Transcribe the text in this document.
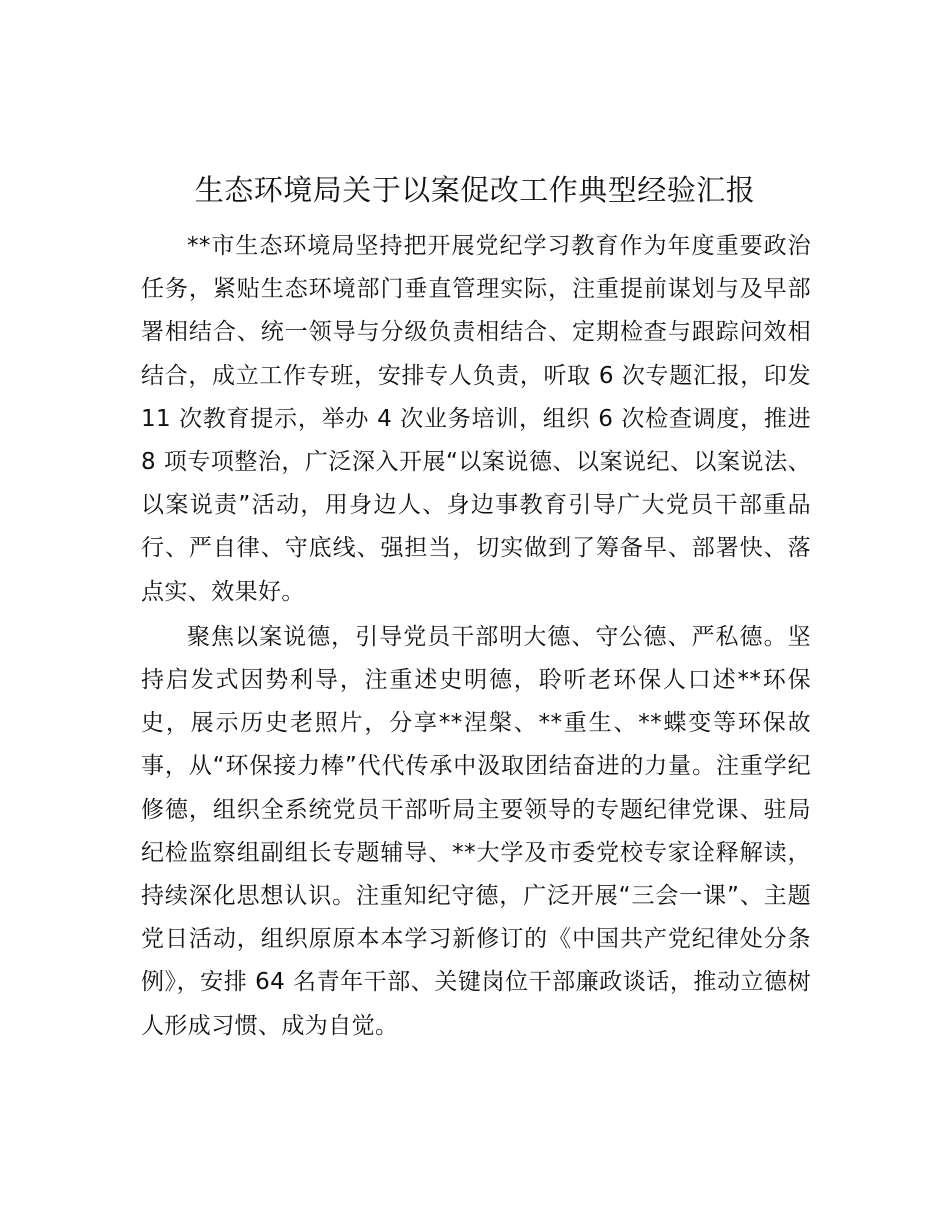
生态环境局关于以案促改工作典型经验汇报

**市生态环境局坚持把开展党纪学习教育作为年度重要政治任务，紧贴生态环境部门垂直管理实际，注重提前谋划与及早部署相结合、统一领导与分级负责相结合、定期检查与跟踪问效相结合，成立工作专班，安排专人负责，听取 6 次专题汇报，印发 11 次教育提示，举办 4 次业务培训，组织 6 次检查调度，推进 8 项专项整治，广泛深入开展“以案说德、以案说纪、以案说法、以案说责”活动，用身边人、身边事教育引导广大党员干部重品行、严自律、守底线、强担当，切实做到了筹备早、部署快、落点实、效果好。

聚焦以案说德，引导党员干部明大德、守公德、严私德。坚持启发式因势利导，注重述史明德，聆听老环保人口述**环保史，展示历史老照片，分享**涅槃、**重生、**蝶变等环保故事，从“环保接力棒”代代传承中汲取团结奋进的力量。注重学纪修德，组织全系统党员干部听局主要领导的专题纪律党课、驻局纪检监察组副组长专题辅导、**大学及市委党校专家诠释解读，持续深化思想认识。注重知纪守德，广泛开展“三会一课”、主题党日活动，组织原原本本学习新修订的《中国共产党纪律处分条例》，安排 64 名青年干部、关键岗位干部廉政谈话，推动立德树人形成习惯、成为自觉。
